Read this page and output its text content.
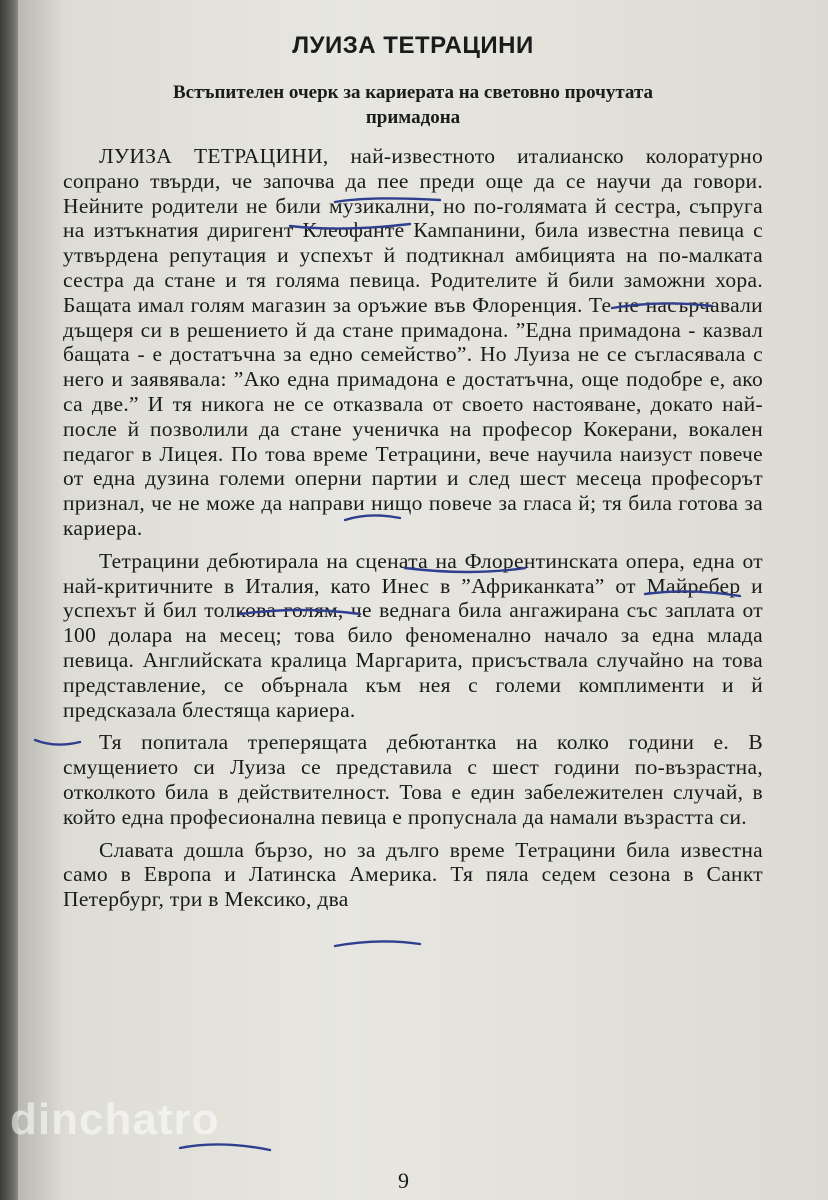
ЛУИЗА ТЕТРАЦИНИ
Встъпителен очерк за кариерата на световно прочутата примадона

ЛУИЗА ТЕТРАЦИНИ, най-известното италианско колоратурно сопрано твърди, че започва да пее преди още да се научи да говори. Нейните родители не били музикални, но по-голямата й сестра, съпруга на изтъкнатия диригент Клеофанте Кампанини, била известна певица с утвърдена репутация и успехът й подтикнал амбицията на по-малката сестра да стане и тя голяма певица. Родителите й били заможни хора. Бащата имал голям магазин за оръжие във Флоренция. Те не насърчавали дъщеря си в решението й да стане примадона. ”Една примадона - казвал бащата - е достатъчна за едно семейство”. Но Луиза не се съгласявала с него и заявявала: ”Ако една примадона е достатъчна, още подобре е, ако са две.” И тя никога не се отказвала от своето настояване, докато най-после й позволили да стане ученичка на професор Кокерани, вокален педагог в Лицея. По това време Тетрацини, вече научила наизуст повече от една дузина големи оперни партии и след шест месеца професорът признал, че не може да направи нищо повече за гласа й; тя била готова за кариера.

Тетрацини дебютирала на сцената на Флорентинската опера, една от най-критичните в Италия, като Инес в ”Африканката” от Майребер и успехът й бил толкова голям, че веднага била ангажирана със заплата от 100 долара на месец; това било феноменално начало за една млада певица. Английската кралица Маргарита, присъствала случайно на това представление, се обърнала към нея с големи комплименти и й предсказала блестяща кариера.

Тя попитала треперящата дебютантка на колко години е. В смущението си Луиза се представила с шест години по-възрастна, отколкото била в действителност. Това е един забележителен случай, в който една професионална певица е пропуснала да намали възрастта си.

Славата дошла бързо, но за дълго време Тетрацини била известна само в Европа и Латинска Америка. Тя пяла седем сезона в Санкт Петербург, три в Мексико, два

9
dinchatro
